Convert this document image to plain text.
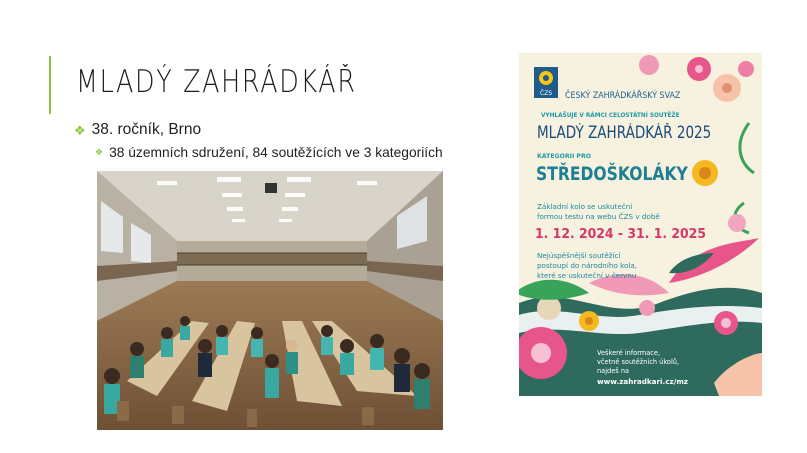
MLADÝ ZAHRÁDKÁŘ
❖ 38. ročník, Brno
❖ 38 územních sdružení, 84 soutěžících ve 3 kategoriích
ČZS ČESKÝ ZAHRÁDKÁŘSKÝ SVAZ
VYHLAŠUJE V RÁMCI CELOSTÁTNÍ SOUTĚŽE
MLADÝ ZAHRÁDKÁŘ 2025
KATEGORII PRO
STŘEDOŠKOLÁKY
Základní kolo se uskuteční
formou testu na webu ČZS v době
1. 12. 2024 - 31. 1. 2025
Nejúspěšnější soutěžící
postoupí do národního kola,
které se uskuteční v červnu
Veškeré informace,
včetně soutěžních úkolů,
najdeš na
www.zahradkari.cz/mz
